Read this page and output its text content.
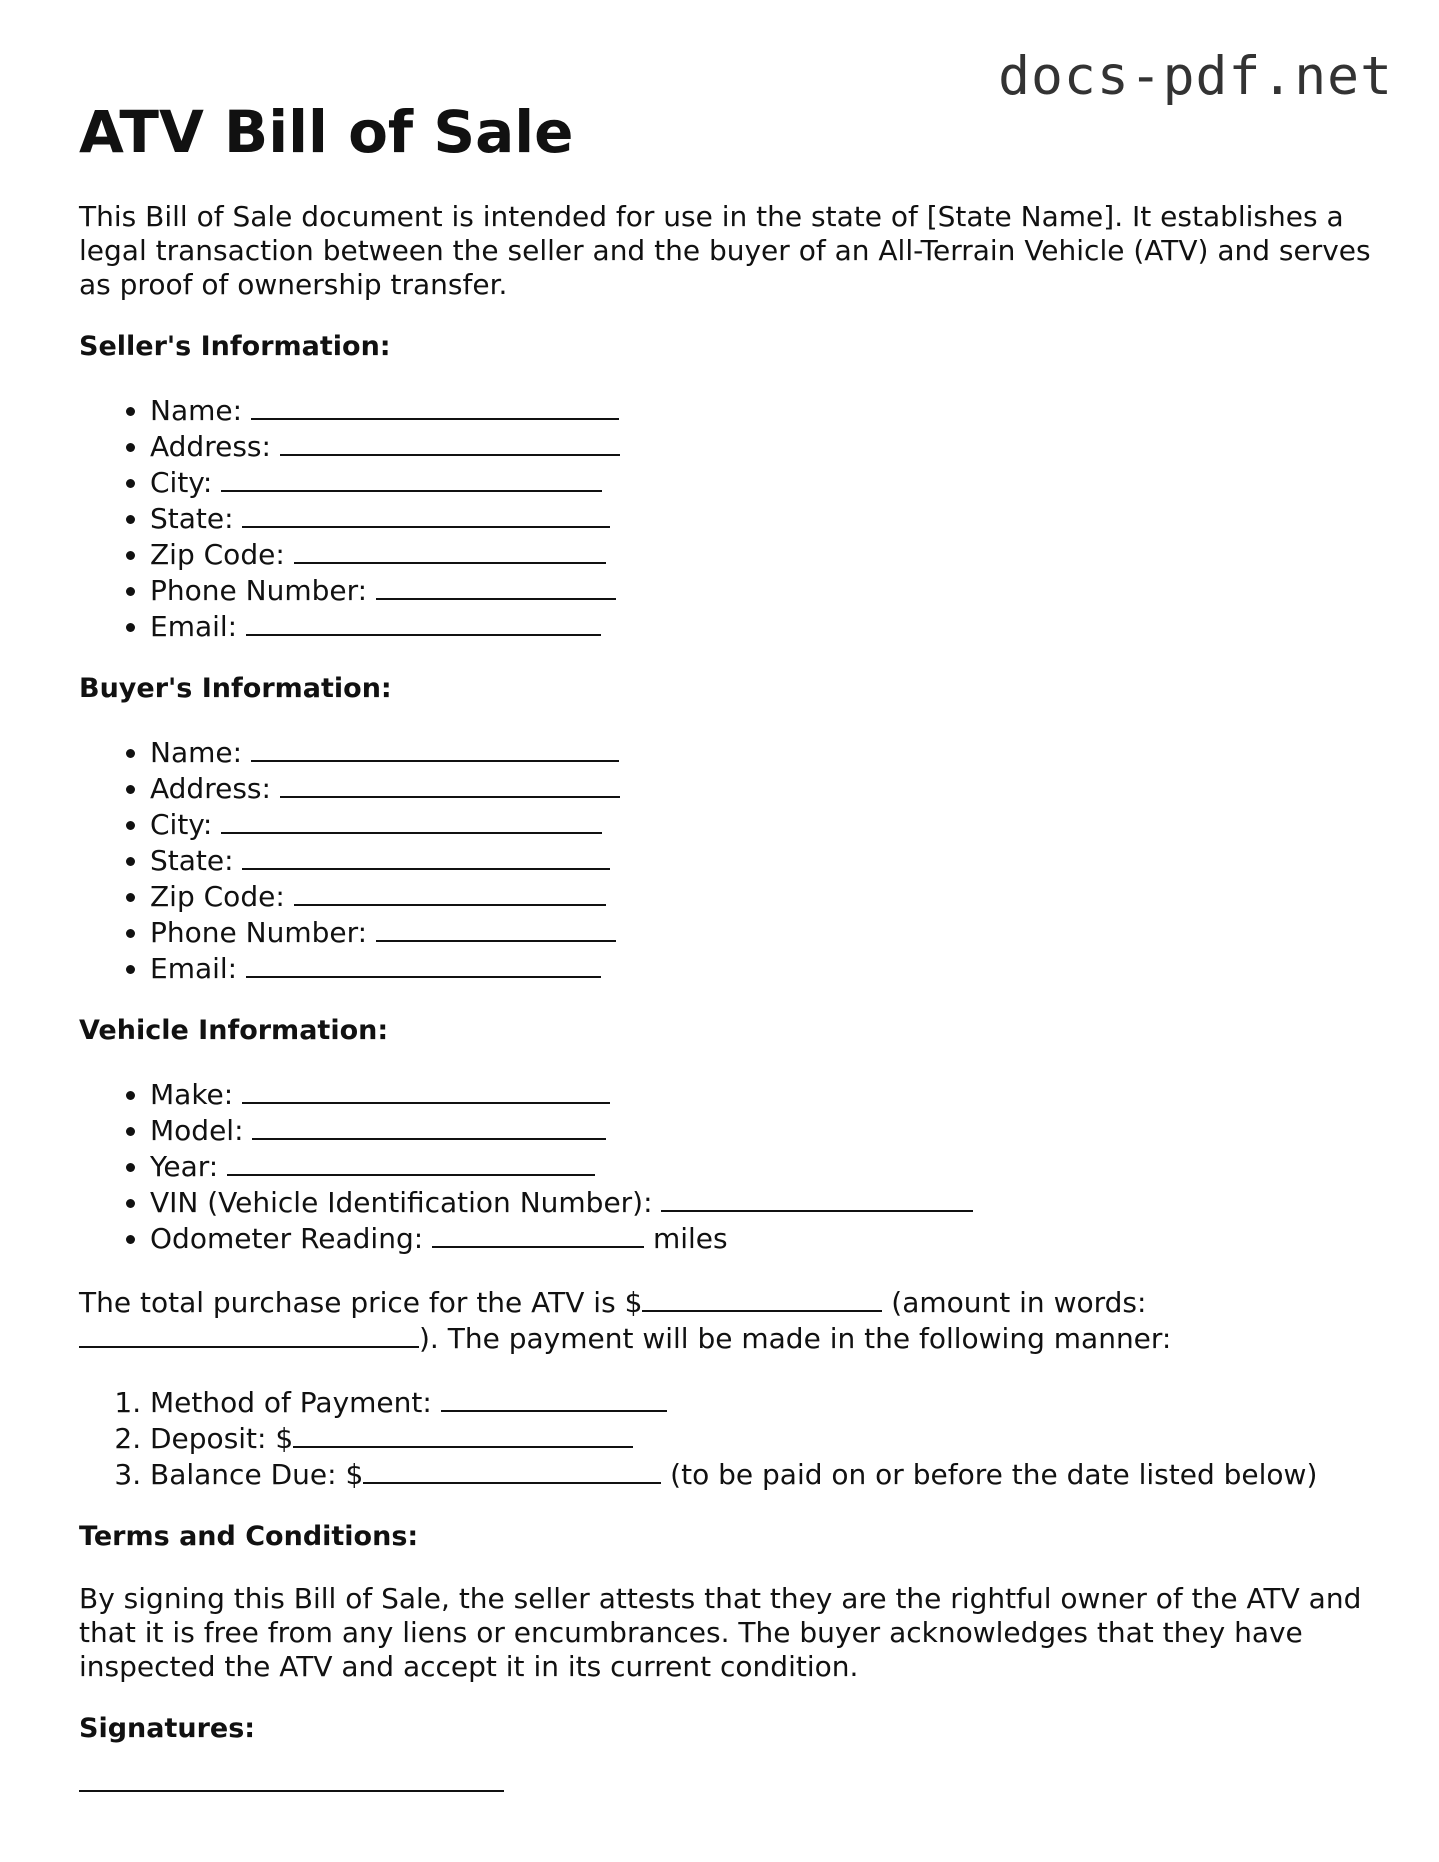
docs-pdf.net
ATV Bill of Sale

This Bill of Sale document is intended for use in the state of [State Name]. It establishes a legal transaction between the seller and the buyer of an All-Terrain Vehicle (ATV) and serves as proof of ownership transfer.

Seller's Information:

• Name:
• Address:
• City:
• State:
• Zip Code:
• Phone Number:
• Email:

Buyer's Information:

• Name:
• Address:
• City:
• State:
• Zip Code:
• Phone Number:
• Email:

Vehicle Information:

• Make:
• Model:
• Year:
• VIN (Vehicle Identification Number):
• Odometer Reading:	miles

The total purchase price for the ATV is $	(amount in words:
). The payment will be made in the following manner:

1. Method of Payment:
2. Deposit: $
3. Balance Due: $	(to be paid on or before the date listed below)

Terms and Conditions:

By signing this Bill of Sale, the seller attests that they are the rightful owner of the ATV and that it is free from any liens or encumbrances. The buyer acknowledges that they have inspected the ATV and accept it in its current condition.

Signatures:
